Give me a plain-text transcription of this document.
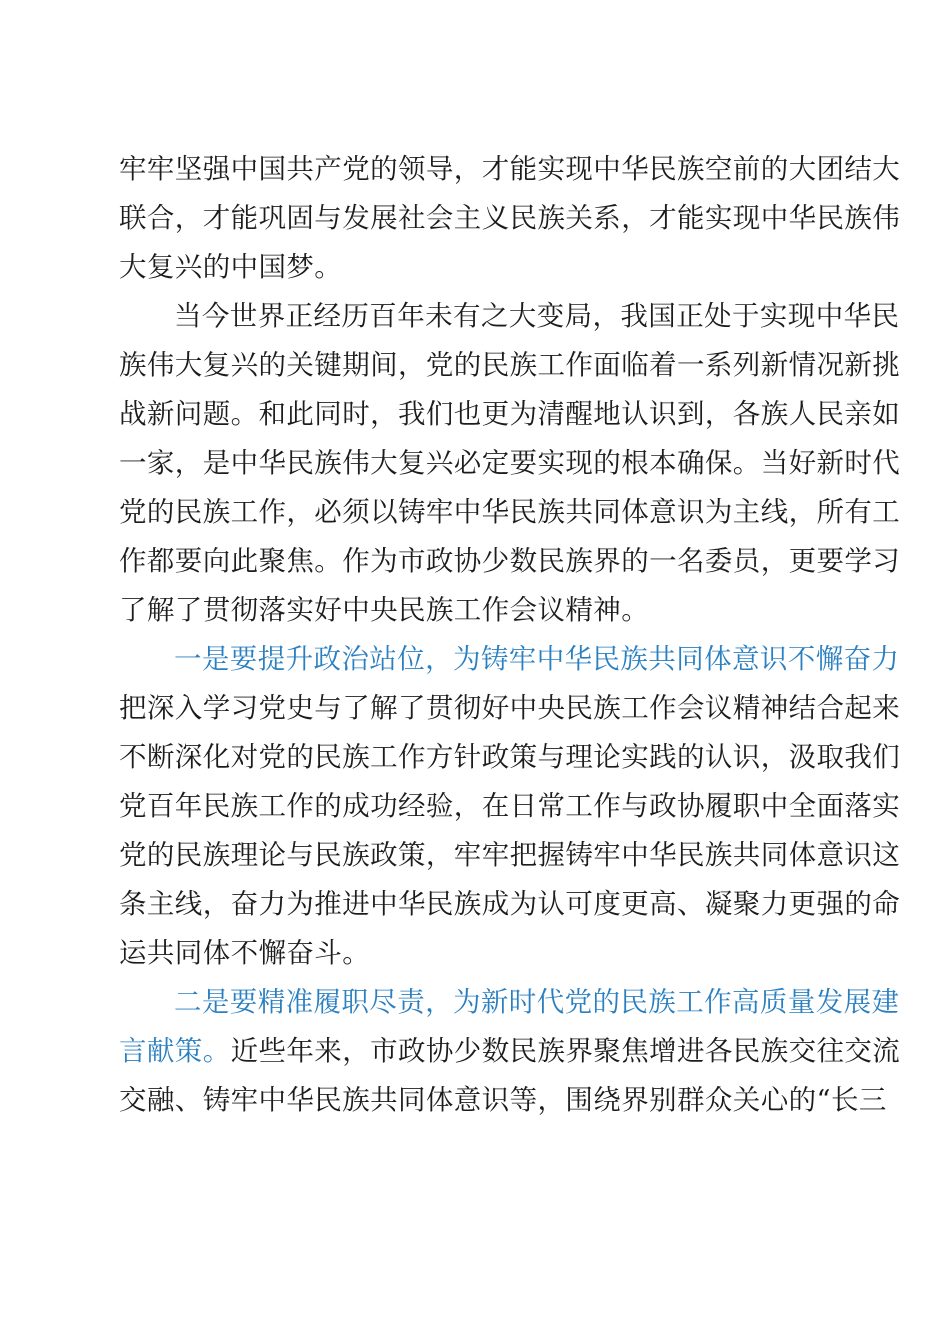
牢牢坚强中国共产党的领导，才能实现中华民族空前的大团结大
联合，才能巩固与发展社会主义民族关系，才能实现中华民族伟
大复兴的中国梦。
当今世界正经历百年未有之大变局，我国正处于实现中华民
族伟大复兴的关键期间，党的民族工作面临着一系列新情况新挑
战新问题。和此同时，我们也更为清醒地认识到，各族人民亲如
一家，是中华民族伟大复兴必定要实现的根本确保。当好新时代
党的民族工作，必须以铸牢中华民族共同体意识为主线，所有工
作都要向此聚焦。作为市政协少数民族界的一名委员，更要学习
了解了贯彻落实好中央民族工作会议精神。
一是要提升政治站位，为铸牢中华民族共同体意识不懈奋力
把深入学习党史与了解了贯彻好中央民族工作会议精神结合起来
不断深化对党的民族工作方针政策与理论实践的认识，汲取我们
党百年民族工作的成功经验，在日常工作与政协履职中全面落实
党的民族理论与民族政策，牢牢把握铸牢中华民族共同体意识这
条主线，奋力为推进中华民族成为认可度更高、凝聚力更强的命
运共同体不懈奋斗。
二是要精准履职尽责，为新时代党的民族工作高质量发展建
言献策。近些年来，市政协少数民族界聚焦增进各民族交往交流
交融、铸牢中华民族共同体意识等，围绕界别群众关心的“长三
